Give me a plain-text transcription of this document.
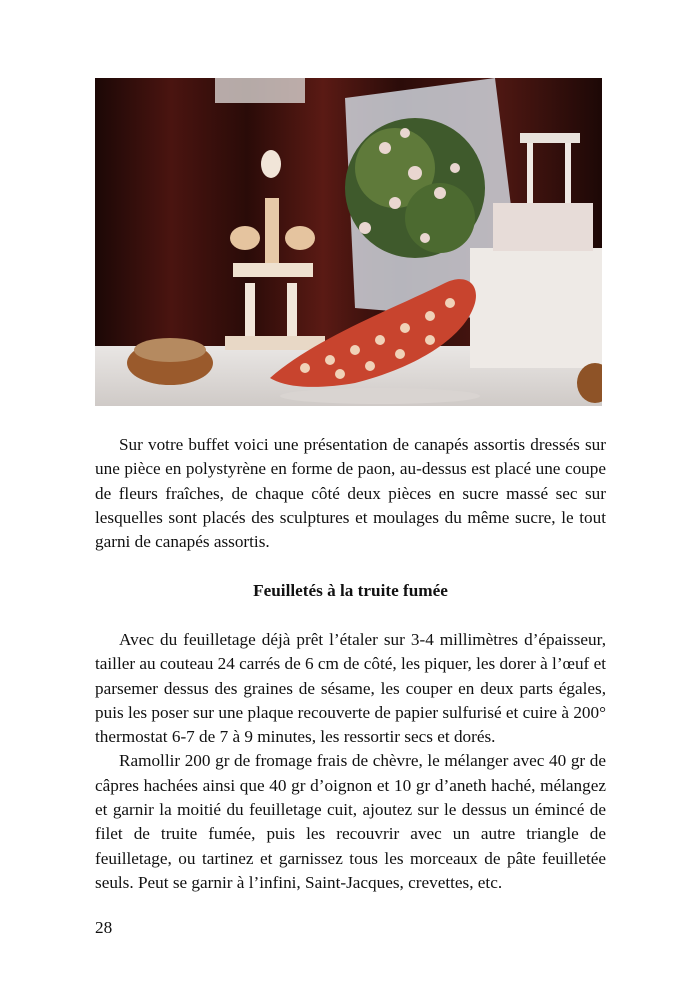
Sur votre buffet voici une présentation de canapés assortis dressés sur une pièce en polystyrène en forme de paon, au-dessus est placé une coupe de fleurs fraîches, de chaque côté deux pièces en sucre massé sec sur lesquelles sont placés des sculptures et moulages du même sucre, le tout garni de canapés assortis.

Feuilletés à la truite fumée

Avec du feuilletage déjà prêt l’étaler sur 3-4 millimètres d’épaisseur, tailler au couteau 24 carrés de 6 cm de côté, les piquer, les dorer à l’œuf et parsemer dessus des graines de sésame, les couper en deux parts égales, puis les poser sur une plaque recouverte de papier sulfurisé et cuire à 200° thermostat 6-7 de 7 à 9 minutes, les ressortir secs et dorés.

Ramollir 200 gr de fromage frais de chèvre, le mélanger avec 40 gr de câpres hachées ainsi que 40 gr d’oignon et 10 gr d’aneth haché, mélangez et garnir la moitié du feuilletage cuit, ajoutez sur le dessus un émincé de filet de truite fumée, puis les recouvrir avec un autre triangle de feuilletage, ou tartinez et garnissez tous les morceaux de pâte feuilletée seuls. Peut se garnir à l’infini, Saint-Jacques, crevettes, etc.

28
